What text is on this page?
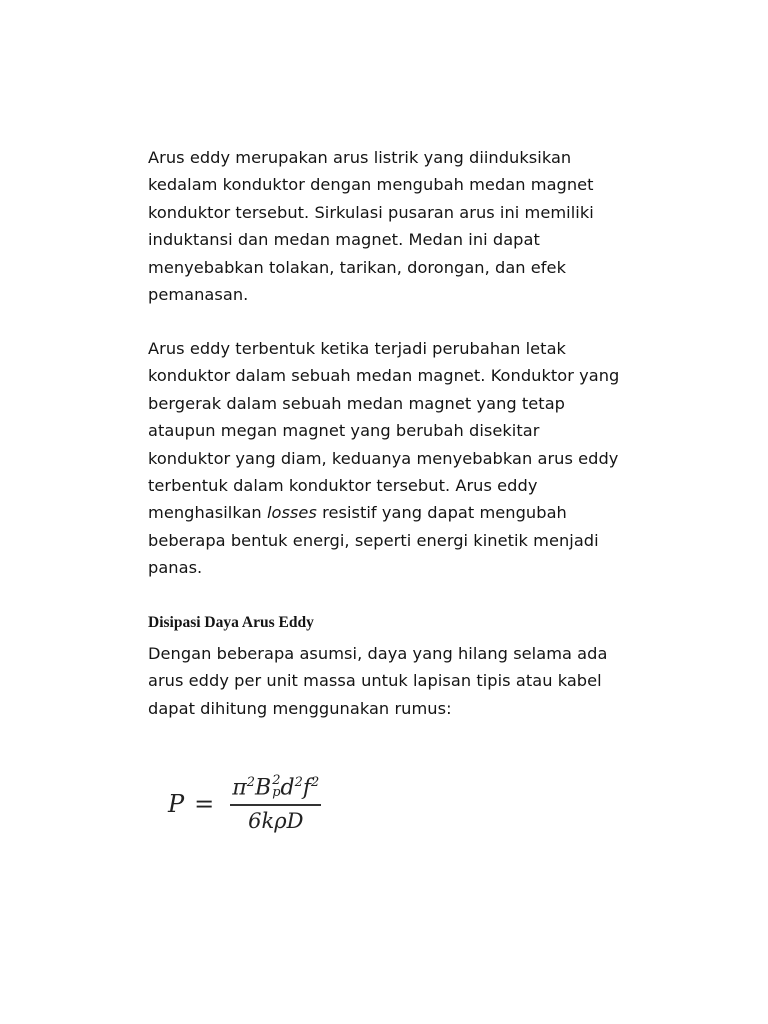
Arus eddy merupakan arus listrik yang diinduksikan
kedalam konduktor dengan mengubah medan magnet
konduktor tersebut. Sirkulasi pusaran arus ini memiliki
induktansi dan medan magnet. Medan ini dapat
menyebabkan tolakan, tarikan, dorongan, dan efek
pemanasan.
Arus eddy terbentuk ketika terjadi perubahan letak
konduktor dalam sebuah medan magnet. Konduktor yang
bergerak dalam sebuah medan magnet yang tetap
ataupun megan magnet yang berubah disekitar
konduktor yang diam, keduanya menyebabkan arus eddy
terbentuk dalam konduktor tersebut. Arus eddy
menghasilkan losses resistif yang dapat mengubah
beberapa bentuk energi, seperti energi kinetik menjadi
panas.
Disipasi Daya Arus Eddy
Dengan beberapa asumsi, daya yang hilang selama ada
arus eddy per unit massa untuk lapisan tipis atau kabel
dapat dihitung menggunakan rumus:
$P = \pi^2B$ 2
p $d^2f^2$
6kρD
